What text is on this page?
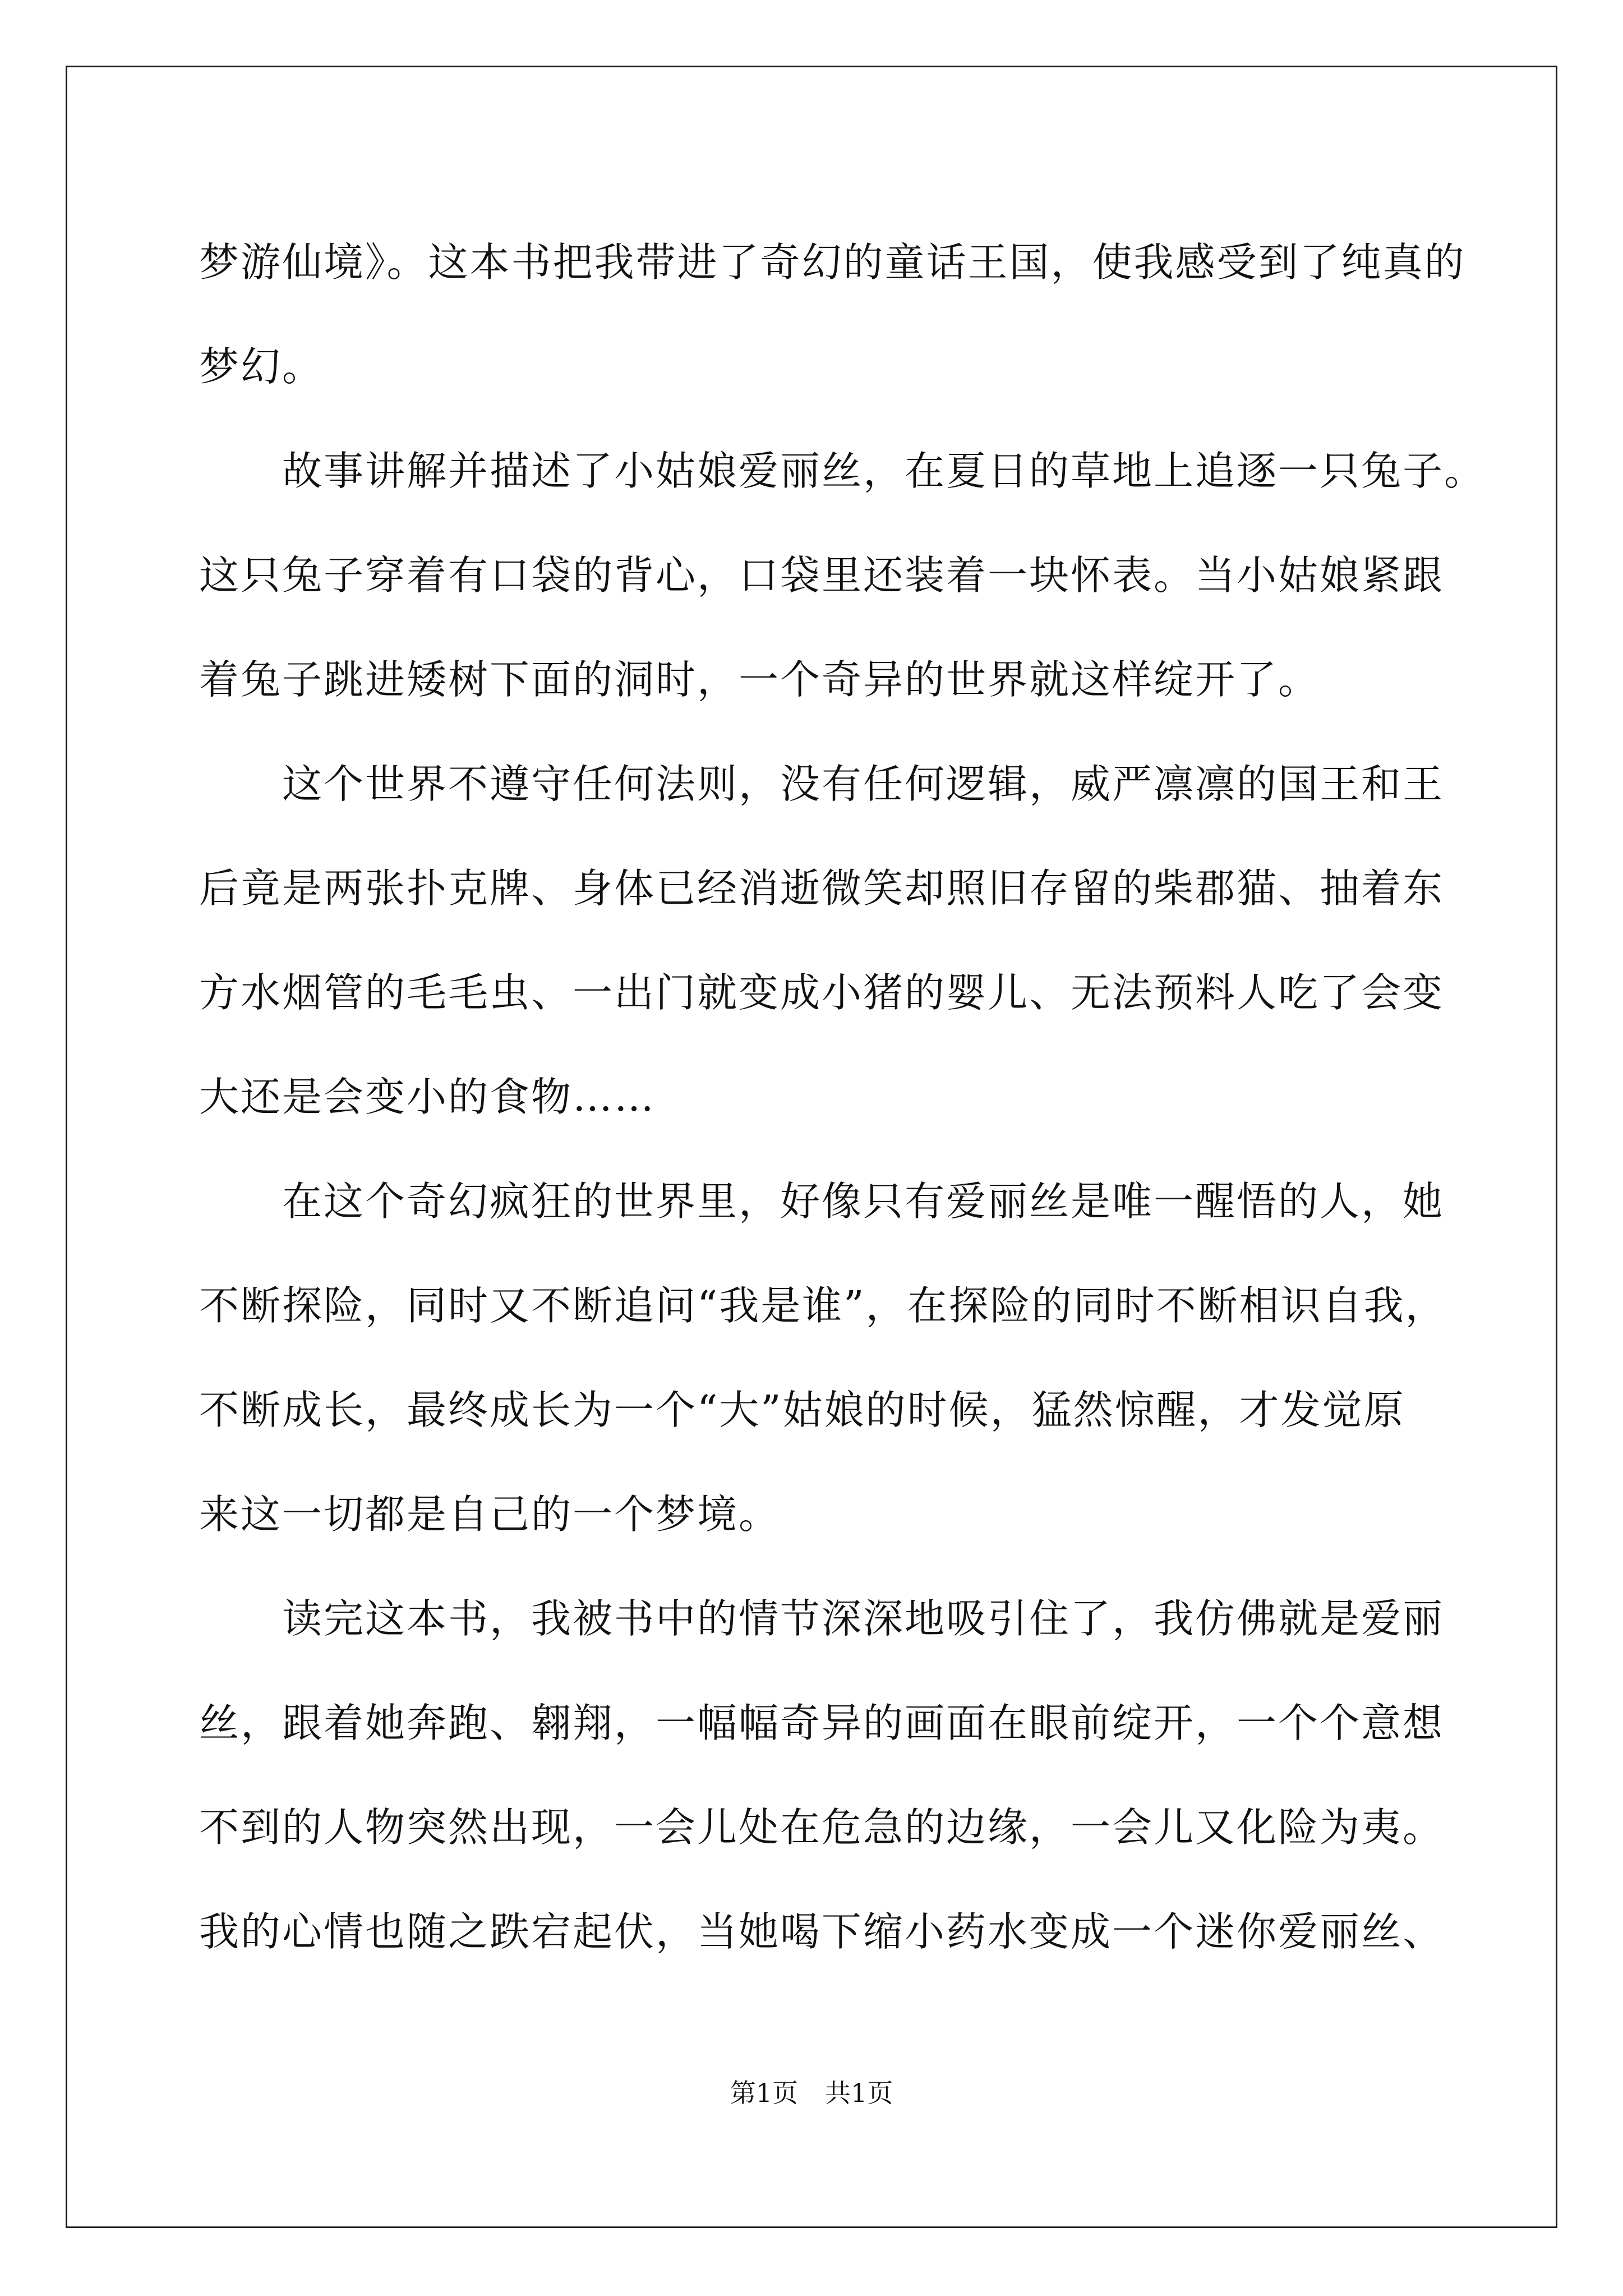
梦游仙境》。这本书把我带进了奇幻的童话王国，使我感受到了纯真的
梦幻。
故事讲解并描述了小姑娘爱丽丝，在夏日的草地上追逐一只兔子。
这只兔子穿着有口袋的背心，口袋里还装着一块怀表。当小姑娘紧跟
着兔子跳进矮树下面的洞时，一个奇异的世界就这样绽开了。
这个世界不遵守任何法则，没有任何逻辑，威严凛凛的国王和王
后竟是两张扑克牌、身体已经消逝微笑却照旧存留的柴郡猫、抽着东
方水烟管的毛毛虫、一出门就变成小猪的婴儿、无法预料人吃了会变
大还是会变小的食物……
在这个奇幻疯狂的世界里，好像只有爱丽丝是唯一醒悟的人，她
不断探险，同时又不断追问“我是谁”，在探险的同时不断相识自我，
不断成长，最终成长为一个“大”姑娘的时候，猛然惊醒，才发觉原
来这一切都是自己的一个梦境。
读完这本书，我被书中的情节深深地吸引住了，我仿佛就是爱丽
丝，跟着她奔跑、翱翔，一幅幅奇异的画面在眼前绽开，一个个意想
不到的人物突然出现，一会儿处在危急的边缘，一会儿又化险为夷。
我的心情也随之跌宕起伏，当她喝下缩小药水变成一个迷你爱丽丝、
第1页 共1页
